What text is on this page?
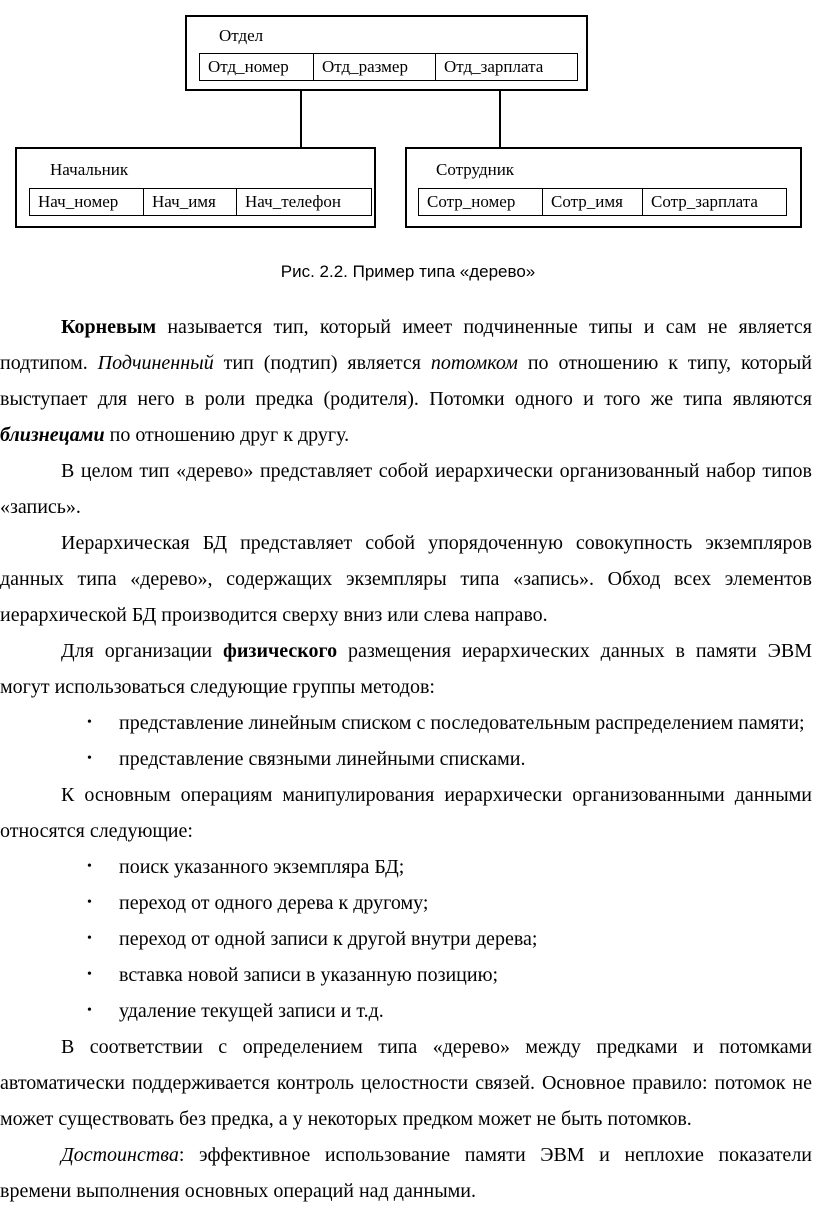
Отдел
Отд_номер	Отд_размер	Отд_зарплата
Начальник
Нач_номер	Нач_имя	Нач_телефон
Сотрудник
Сотр_номер	Сотр_имя	Сотр_зарплата
Рис. 2.2. Пример типа «дерево»

Корневым называется тип, который имеет подчиненные типы и сам не является подтипом. Подчиненный тип (подтип) является потомком по отношению к типу, который выступает для него в роли предка (родителя). Потомки одного и того же типа являются близнецами по отношению друг к другу.

В целом тип «дерево» представляет собой иерархически организованный набор типов «запись».

Иерархическая БД представляет собой упорядоченную совокупность экземпляров данных типа «дерево», содержащих экземпляры типа «запись». Обход всех элементов иерархической БД производится сверху вниз или слева направо.

Для организации физического размещения иерархических данных в памяти ЭВМ могут использоваться следующие группы методов:

• представление линейным списком с последовательным распределением памяти;
• представление связными линейными списками.

К основным операциям манипулирования иерархически организованными данными относятся следующие:

• поиск указанного экземпляра БД;
• переход от одного дерева к другому;
• переход от одной записи к другой внутри дерева;
• вставка новой записи в указанную позицию;
• удаление текущей записи и т.д.

В соответствии с определением типа «дерево» между предками и потомками автоматически поддерживается контроль целостности связей. Основное правило: потомок не может существовать без предка, а у некоторых предком может не быть потомков.

Достоинства: эффективное использование памяти ЭВМ и неплохие показатели времени выполнения основных операций над данными.
